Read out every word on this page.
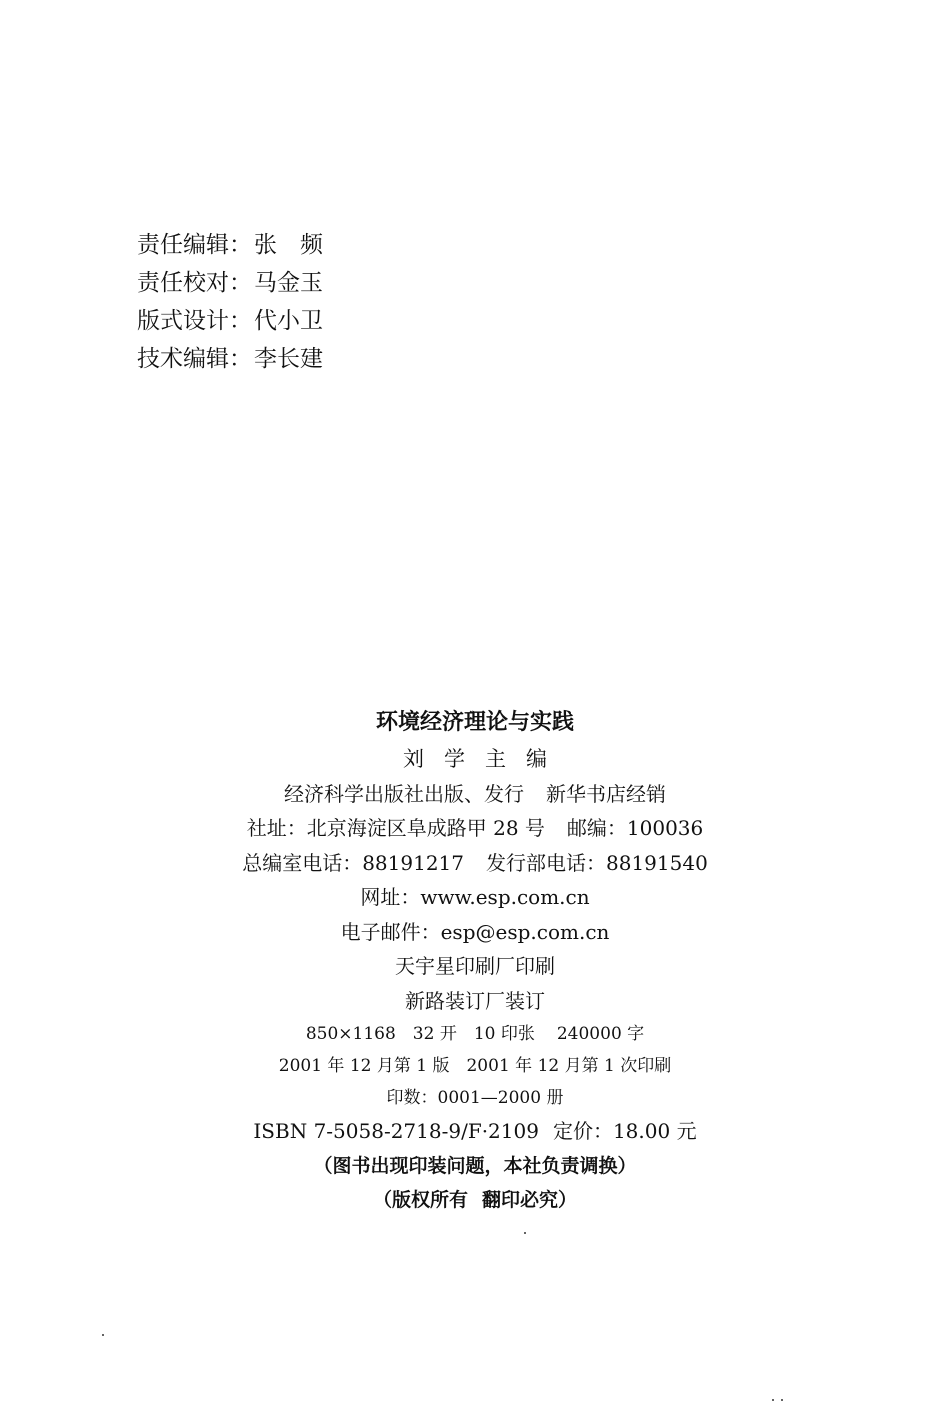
责任编辑：张　频
责任校对：马金玉
版式设计：代小卫
技术编辑：李长建
环境经济理论与实践
刘学主编
经济科学出版社出版、发行 新华书店经销
社址：北京海淀区阜成路甲 28 号 邮编：100036
总编室电话：88191217 发行部电话：88191540
网址：www.esp.com.cn
电子邮件：esp@esp.com.cn
天宇星印刷厂印刷
新路装订厂装订
850×1168　32 开　10 印张 240000 字
2001 年 12 月第 1 版　2001 年 12 月第 1 次印刷
印数：0001—2000 册
ISBN 7-5058-2718-9/F·2109 定价：18.00 元
（图书出现印装问题，本社负责调换）
（版权所有 翻印必究）
